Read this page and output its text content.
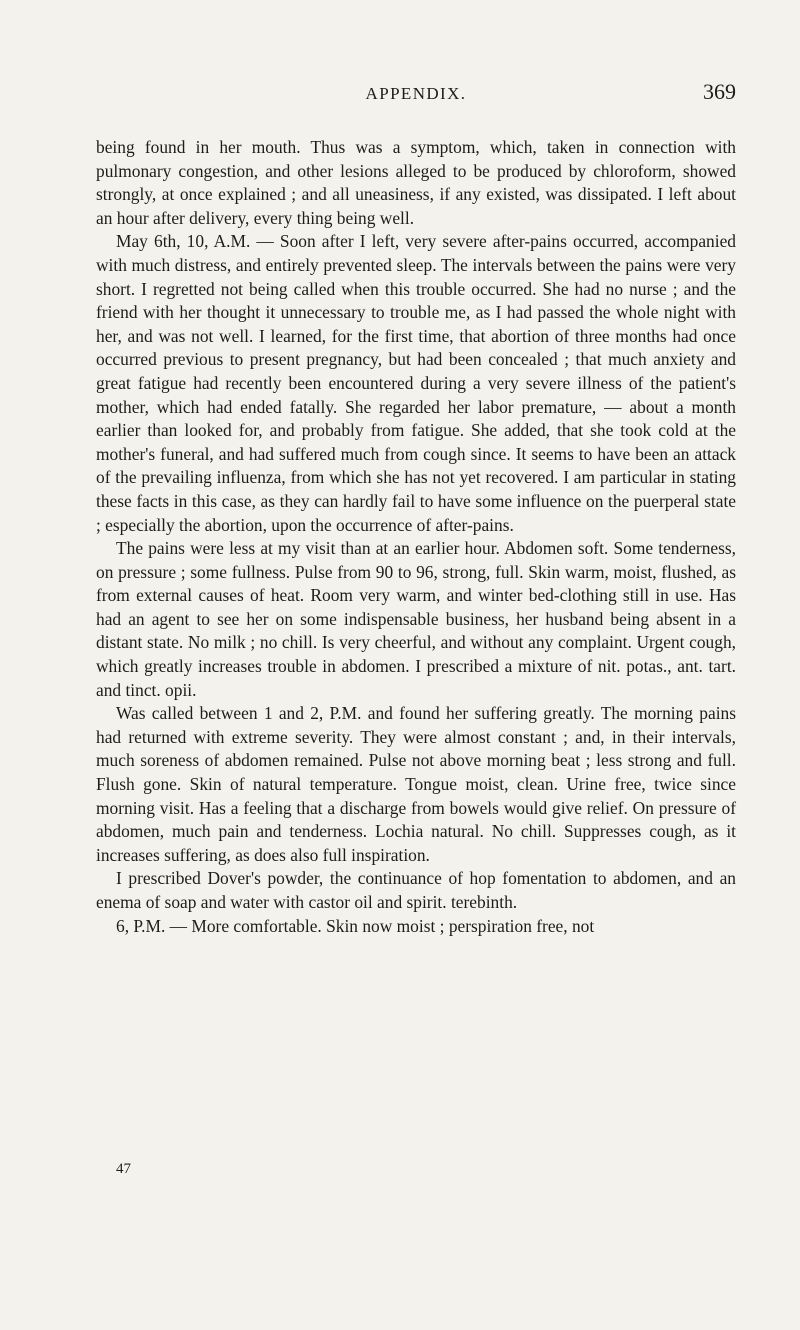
APPENDIX.	369

being found in her mouth. Thus was a symptom, which, taken in connection with pulmonary congestion, and other lesions alleged to be produced by chloroform, showed strongly, at once explained ; and all uneasiness, if any existed, was dissipated. I left about an hour after delivery, every thing being well.

May 6th, 10, A.M. — Soon after I left, very severe after-pains occurred, accompanied with much distress, and entirely prevented sleep. The intervals between the pains were very short. I regretted not being called when this trouble occurred. She had no nurse ; and the friend with her thought it unnecessary to trouble me, as I had passed the whole night with her, and was not well. I learned, for the first time, that abortion of three months had once occurred previous to present pregnancy, but had been concealed ; that much anxiety and great fatigue had recently been encountered during a very severe illness of the patient's mother, which had ended fatally. She regarded her labor premature, — about a month earlier than looked for, and probably from fatigue. She added, that she took cold at the mother's funeral, and had suffered much from cough since. It seems to have been an attack of the prevailing influenza, from which she has not yet recovered. I am particular in stating these facts in this case, as they can hardly fail to have some influence on the puerperal state ; especially the abortion, upon the occurrence of after-pains.

The pains were less at my visit than at an earlier hour. Abdomen soft. Some tenderness, on pressure ; some fullness. Pulse from 90 to 96, strong, full. Skin warm, moist, flushed, as from external causes of heat. Room very warm, and winter bed-clothing still in use. Has had an agent to see her on some indispensable business, her husband being absent in a distant state. No milk ; no chill. Is very cheerful, and without any complaint. Urgent cough, which greatly increases trouble in abdomen. I prescribed a mixture of nit. potas., ant. tart. and tinct. opii.

Was called between 1 and 2, P.M. and found her suffering greatly. The morning pains had returned with extreme severity. They were almost constant ; and, in their intervals, much soreness of abdomen remained. Pulse not above morning beat ; less strong and full. Flush gone. Skin of natural temperature. Tongue moist, clean. Urine free, twice since morning visit. Has a feeling that a discharge from bowels would give relief. On pressure of abdomen, much pain and tenderness. Lochia natural. No chill. Suppresses cough, as it increases suffering, as does also full inspiration.

I prescribed Dover's powder, the continuance of hop fomentation to abdomen, and an enema of soap and water with castor oil and spirit. terebinth.

6, P.M. — More comfortable. Skin now moist ; perspiration free, not

47
